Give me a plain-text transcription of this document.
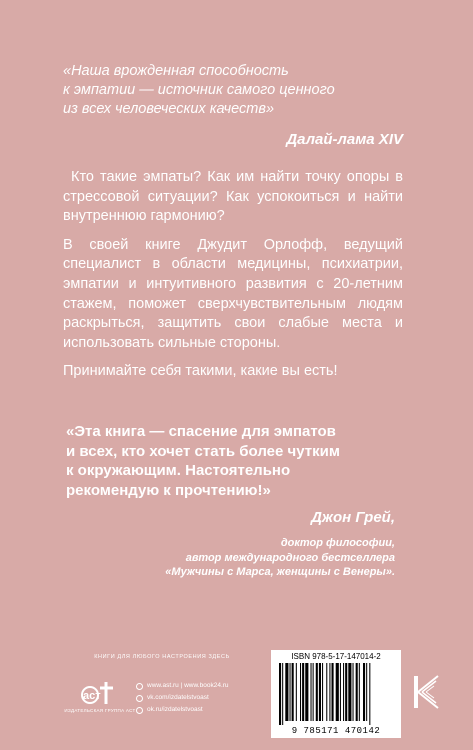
«Наша врожденная способность
к эмпатии — источник самого ценного
из всех человеческих качеств»
Далай-лама XIV

Кто такие эмпаты? Как им найти точку опоры в стрессовой ситуации? Как успокоиться и найти внутреннюю гармонию?

В своей книге Джудит Орлофф, ведущий специалист в области медицины, психиатрии, эмпатии и интуитивного развития с 20-летним стажем, поможет сверхчувствительным людям раскрыться, защитить свои слабые места и использовать сильные стороны.

Принимайте себя такими, какие вы есть!

«Эта книга — спасение для эмпатов
и всех, кто хочет стать более чутким
к окружающим. Настоятельно
рекомендую к прочтению!»
Джон Грей,
доктор философии,
автор международного бестселлера
«Мужчины с Марса, женщины с Венеры».
КНИГИ ДЛЯ ЛЮБОГО НАСТРОЕНИЯ ЗДЕСЬ
аст
ИЗДАТЕЛЬСКАЯ ГРУППА АСТ
www.ast.ru | www.book24.ru
vk.com/izdatelstvoast
ok.ru/izdatelstvoast
ISBN 978-5-17-147014-2
9 785171 470142
